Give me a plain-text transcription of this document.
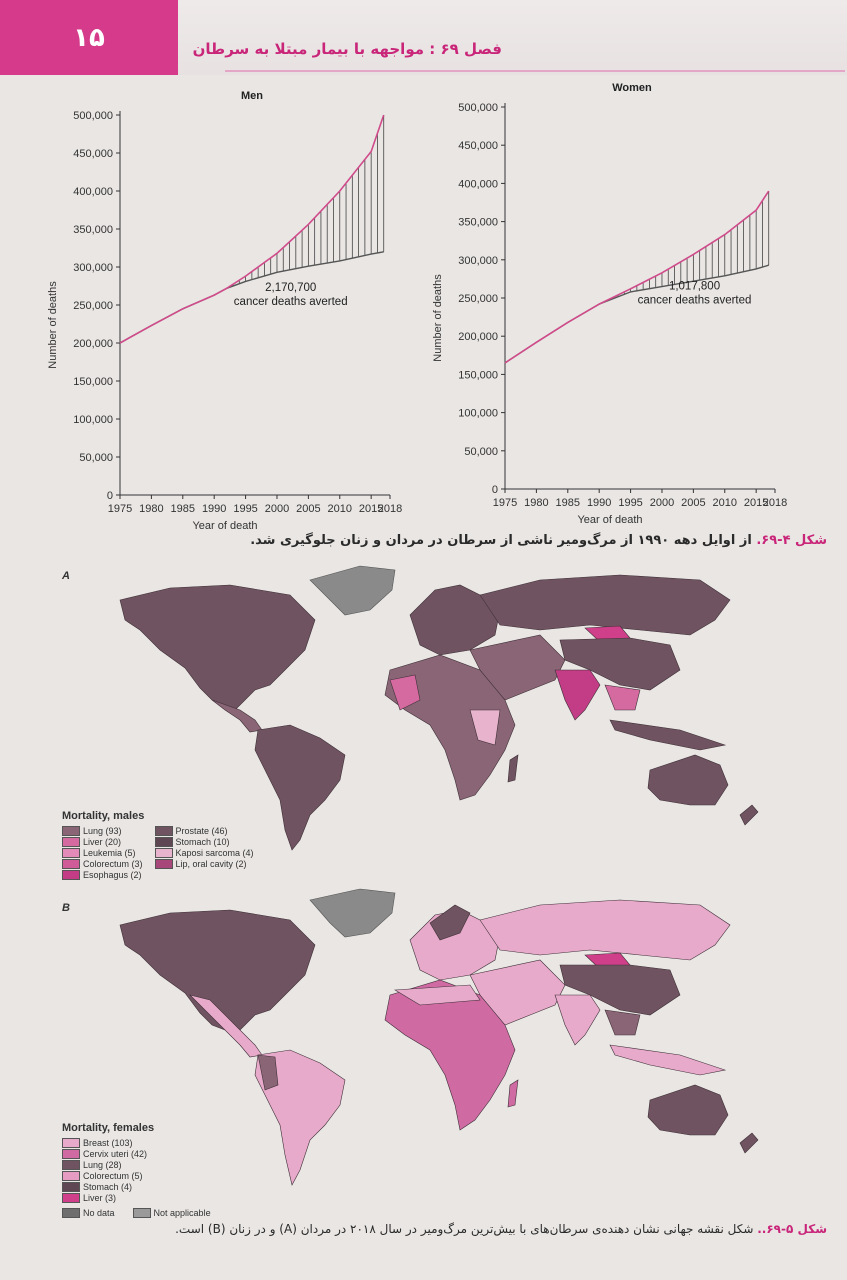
۱۵	فصل ۶۹ : مواجهه با بیمار مبتلا به سرطان
Men
0
50,000
100,000
150,000
200,000
250,000
300,000
350,000
400,000
450,000
500,000
1975 1980 1985 1990 1995 2000 2005 2010 2015
2018
Year of death
Number of deaths	2,170,700
cancer deaths averted
Women
0
50,000
100,000
150,000
200,000
250,000
300,000
350,000
400,000
450,000
500,000
1975 1980 1985 1990 1995 2000 2005 2010 2015
2018
Year of death
Number of deaths	1,017,800
cancer deaths averted
شکل ۴-۶۹. از اوایل دهه ۱۹۹۰ از مرگ‌ومیر ناشی از سرطان در مردان و زنان جلوگیری شد.
A
Mortality, males
Lung (93)
Liver (20)
Leukemia (5)
Colorectum (3)
Esophagus (2)
Prostate (46)
Stomach (10)
Kaposi sarcoma (4)
Lip, oral cavity (2)
B
Mortality, females
Breast (103)
Cervix uteri (42)
Lung (28)
Colorectum (5)
Stomach (4)
Liver (3)
No data	Not applicable
شکل ۵-۶۹.. شکل نقشه جهانی نشان دهنده‌ی سرطان‌های با بیش‌ترین مرگ‌ومیر در سال ۲۰۱۸ در مردان (A) و در زنان (B) است.
